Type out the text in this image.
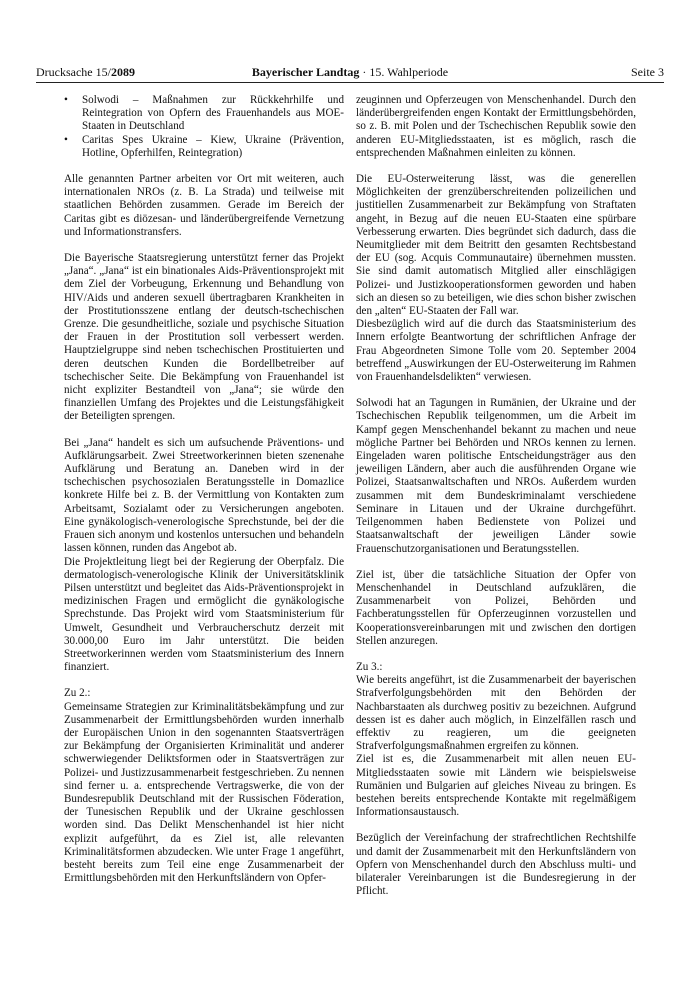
Drucksache 15/2089	Bayerischer Landtag · 15. Wahlperiode	Seite 3
• Solwodi – Maßnahmen zur Rückkehrhilfe und Reintegration von Opfern des Frauenhandels aus MOE-Staaten in Deutschland
• Caritas Spes Ukraine – Kiew, Ukraine (Prävention, Hotline, Opferhilfen, Reintegration)

Alle genannten Partner arbeiten vor Ort mit weiteren, auch internationalen NROs (z. B. La Strada) und teilweise mit staatlichen Behörden zusammen. Gerade im Bereich der Caritas gibt es diözesan- und länderübergreifende Vernetzung und Informationstransfers.

Die Bayerische Staatsregierung unterstützt ferner das Projekt „Jana“. „Jana“ ist ein binationales Aids-Präventionsprojekt mit dem Ziel der Vorbeugung, Erkennung und Behandlung von HIV/Aids und anderen sexuell übertragbaren Krankheiten in der Prostitutionsszene entlang der deutsch-tschechischen Grenze. Die gesundheitliche, soziale und psychische Situation der Frauen in der Prostitution soll verbessert werden. Hauptzielgruppe sind neben tschechischen Prostituierten und deren deutschen Kunden die Bordellbetreiber auf tschechischer Seite. Die Bekämpfung von Frauenhandel ist nicht expliziter Bestandteil von „Jana“; sie würde den finanziellen Umfang des Projektes und die Leistungsfähigkeit der Beteiligten sprengen.

Bei „Jana“ handelt es sich um aufsuchende Präventions- und Aufklärungsarbeit. Zwei Streetworkerinnen bieten szenenahe Aufklärung und Beratung an. Daneben wird in der tschechischen psychosozialen Beratungsstelle in Domazlice konkrete Hilfe bei z. B. der Vermittlung von Kontakten zum Arbeitsamt, Sozialamt oder zu Versicherungen angeboten. Eine gynäkologisch-venerologische Sprechstunde, bei der die Frauen sich anonym und kostenlos untersuchen und behandeln lassen können, runden das Angebot ab.

Die Projektleitung liegt bei der Regierung der Oberpfalz. Die dermatologisch-venerologische Klinik der Universitätsklinik Pilsen unterstützt und begleitet das Aids-Präventionsprojekt in medizinischen Fragen und ermöglicht die gynäkologische Sprechstunde. Das Projekt wird vom Staatsministerium für Umwelt, Gesundheit und Verbraucherschutz derzeit mit 30.000,00 Euro im Jahr unterstützt. Die beiden Streetworkerinnen werden vom Staatsministerium des Innern finanziert.

Zu 2.:

Gemeinsame Strategien zur Kriminalitätsbekämpfung und zur Zusammenarbeit der Ermittlungsbehörden wurden innerhalb der Europäischen Union in den sogenannten Staatsverträgen zur Bekämpfung der Organisierten Kriminalität und anderer schwerwiegender Deliktsformen oder in Staatsverträgen zur Polizei- und Justizzusammenarbeit festgeschrieben. Zu nennen sind ferner u. a. entsprechende Vertragswerke, die von der Bundesrepublik Deutschland mit der Russischen Föderation, der Tunesischen Republik und der Ukraine geschlossen worden sind. Das Delikt Menschenhandel ist hier nicht explizit aufgeführt, da es Ziel ist, alle relevanten Kriminalitätsformen abzudecken. Wie unter Frage 1 angeführt, besteht bereits zum Teil eine enge Zusammenarbeit der Ermittlungsbehörden mit den Herkunftsländern von Opfer-

zeuginnen und Opferzeugen von Menschenhandel. Durch den länderübergreifenden engen Kontakt der Ermittlungsbehörden, so z. B. mit Polen und der Tschechischen Republik sowie den anderen EU-Mitgliedsstaaten, ist es möglich, rasch die entsprechenden Maßnahmen einleiten zu können.

Die EU-Osterweiterung lässt, was die generellen Möglichkeiten der grenzüberschreitenden polizeilichen und justitiellen Zusammenarbeit zur Bekämpfung von Straftaten angeht, in Bezug auf die neuen EU-Staaten eine spürbare Verbesserung erwarten. Dies begründet sich dadurch, dass die Neumitglieder mit dem Beitritt den gesamten Rechtsbestand der EU (sog. Acquis Communautaire) übernehmen mussten. Sie sind damit automatisch Mitglied aller einschlägigen Polizei- und Justizkooperationsformen geworden und haben sich an diesen so zu beteiligen, wie dies schon bisher zwischen den „alten“ EU-Staaten der Fall war.

Diesbezüglich wird auf die durch das Staatsministerium des Innern erfolgte Beantwortung der schriftlichen Anfrage der Frau Abgeordneten Simone Tolle vom 20. September 2004 betreffend „Auswirkungen der EU-Osterweiterung im Rahmen von Frauenhandelsdelikten“ verwiesen.

Solwodi hat an Tagungen in Rumänien, der Ukraine und der Tschechischen Republik teilgenommen, um die Arbeit im Kampf gegen Menschenhandel bekannt zu machen und neue mögliche Partner bei Behörden und NROs kennen zu lernen. Eingeladen waren politische Entscheidungsträger aus den jeweiligen Ländern, aber auch die ausführenden Organe wie Polizei, Staatsanwaltschaften und NROs. Außerdem wurden zusammen mit dem Bundeskriminalamt verschiedene Seminare in Litauen und der Ukraine durchgeführt. Teilgenommen haben Bedienstete von Polizei und Staatsanwaltschaft der jeweiligen Länder sowie Frauenschutzorganisationen und Beratungsstellen.

Ziel ist, über die tatsächliche Situation der Opfer von Menschenhandel in Deutschland aufzuklären, die Zusammenarbeit von Polizei, Behörden und Fachberatungsstellen für Opferzeuginnen vorzustellen und Kooperationsvereinbarungen mit und zwischen den dortigen Stellen anzuregen.

Zu 3.:

Wie bereits angeführt, ist die Zusammenarbeit der bayerischen Strafverfolgungsbehörden mit den Behörden der Nachbarstaaten als durchweg positiv zu bezeichnen. Aufgrund dessen ist es daher auch möglich, in Einzelfällen rasch und effektiv zu reagieren, um die geeigneten Strafverfolgungsmaßnahmen ergreifen zu können.

Ziel ist es, die Zusammenarbeit mit allen neuen EU-Mitgliedsstaaten sowie mit Ländern wie beispielsweise Rumänien und Bulgarien auf gleiches Niveau zu bringen. Es bestehen bereits entsprechende Kontakte mit regelmäßigem Informationsaustausch.

Bezüglich der Vereinfachung der strafrechtlichen Rechtshilfe und damit der Zusammenarbeit mit den Herkunftsländern von Opfern von Menschenhandel durch den Abschluss multi- und bilateraler Vereinbarungen ist die Bundesregierung in der Pflicht.
